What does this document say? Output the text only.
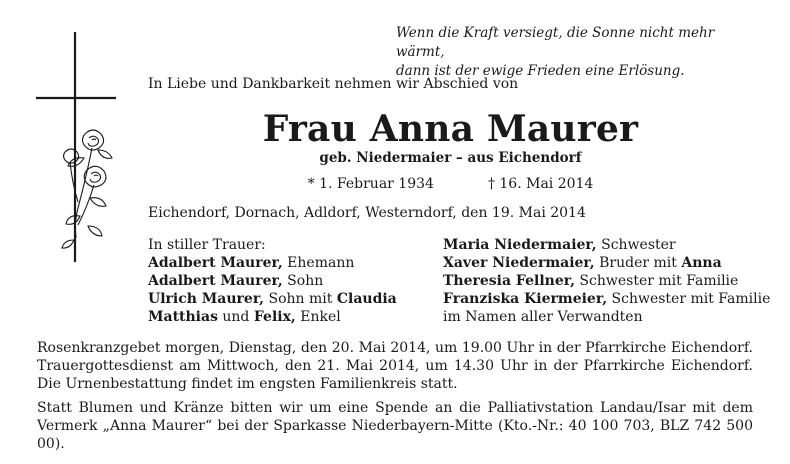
Wenn die Kraft versiegt, die Sonne nicht mehr wärmt,
dann ist der ewige Frieden eine Erlösung.
In Liebe und Dankbarkeit nehmen wir Abschied von
Frau Anna Maurer
geb. Niedermaier – aus Eichendorf
* 1. Februar 1934	† 16. Mai 2014
Eichendorf, Dornach, Adldorf, Westerndorf, den 19. Mai 2014
In stiller Trauer:
Adalbert Maurer, Ehemann
Adalbert Maurer, Sohn
Ulrich Maurer, Sohn mit Claudia
Matthias und Felix, Enkel
Maria Niedermaier, Schwester
Xaver Niedermaier, Bruder mit Anna
Theresia Fellner, Schwester mit Familie
Franziska Kiermeier, Schwester mit Familie
im Namen aller Verwandten
Rosenkranzgebet morgen, Dienstag, den 20. Mai 2014, um 19.00 Uhr in der Pfarrkirche Eichendorf.
Trauergottesdienst am Mittwoch, den 21. Mai 2014, um 14.30 Uhr in der Pfarrkirche Eichendorf.
Die Urnenbestattung findet im engsten Familienkreis statt.
Statt Blumen und Kränze bitten wir um eine Spende an die Palliativstation Landau/Isar mit dem
Vermerk „Anna Maurer“ bei der Sparkasse Niederbayern-Mitte (Kto.-Nr.: 40 100 703, BLZ 742 500 00).
